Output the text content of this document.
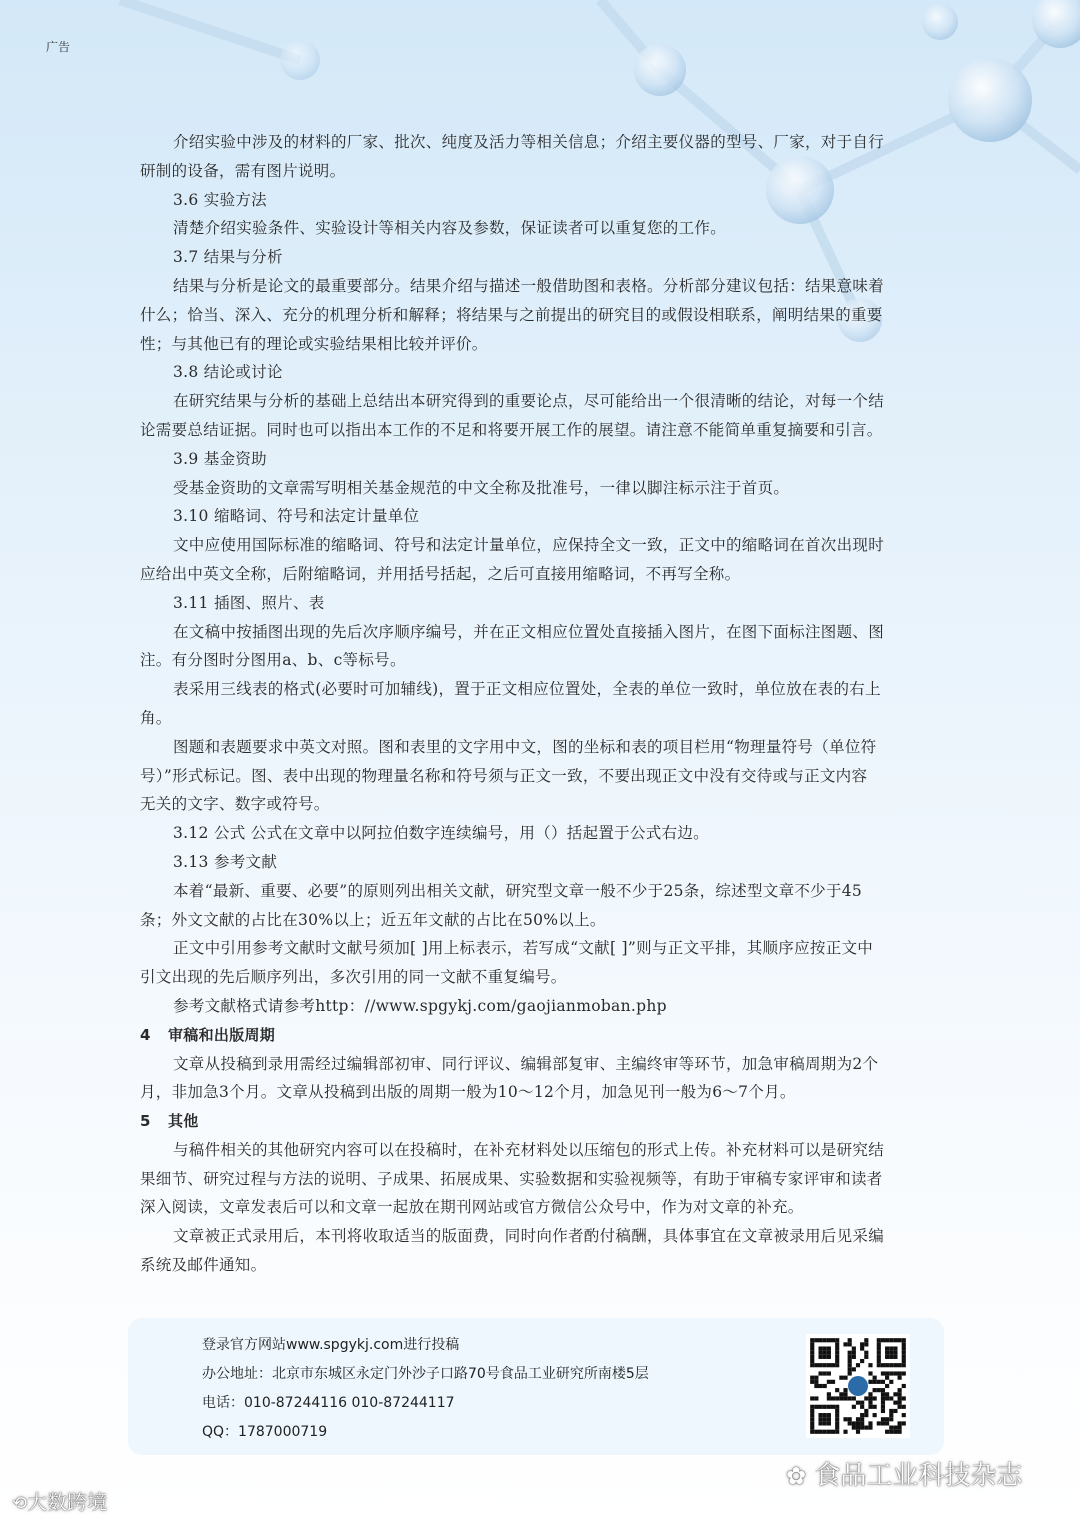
广告
介绍实验中涉及的材料的厂家、批次、纯度及活力等相关信息；介绍主要仪器的型号、厂家，对于自行
研制的设备，需有图片说明。
3.6 实验方法
清楚介绍实验条件、实验设计等相关内容及参数，保证读者可以重复您的工作。
3.7 结果与分析
结果与分析是论文的最重要部分。结果介绍与描述一般借助图和表格。分析部分建议包括：结果意味着
什么；恰当、深入、充分的机理分析和解释；将结果与之前提出的研究目的或假设相联系，阐明结果的重要
性；与其他已有的理论或实验结果相比较并评价。
3.8 结论或讨论
在研究结果与分析的基础上总结出本研究得到的重要论点，尽可能给出一个很清晰的结论，对每一个结
论需要总结证据。同时也可以指出本工作的不足和将要开展工作的展望。请注意不能简单重复摘要和引言。
3.9 基金资助
受基金资助的文章需写明相关基金规范的中文全称及批准号，一律以脚注标示注于首页。
3.10 缩略词、符号和法定计量单位
文中应使用国际标准的缩略词、符号和法定计量单位，应保持全文一致，正文中的缩略词在首次出现时
应给出中英文全称，后附缩略词，并用括号括起，之后可直接用缩略词，不再写全称。
3.11 插图、照片、表
在文稿中按插图出现的先后次序顺序编号，并在正文相应位置处直接插入图片，在图下面标注图题、图
注。有分图时分图用a、b、c等标号。
表采用三线表的格式(必要时可加辅线)，置于正文相应位置处，全表的单位一致时，单位放在表的右上
角。
图题和表题要求中英文对照。图和表里的文字用中文，图的坐标和表的项目栏用“物理量符号（单位符
号）”形式标记。图、表中出现的物理量名称和符号须与正文一致，不要出现正文中没有交待或与正文内容
无关的文字、数字或符号。
3.12 公式 公式在文章中以阿拉伯数字连续编号，用（）括起置于公式右边。
3.13 参考文献
本着“最新、重要、必要”的原则列出相关文献，研究型文章一般不少于25条，综述型文章不少于45
条；外文文献的占比在30%以上；近五年文献的占比在50%以上。
正文中引用参考文献时文献号须加[ ]用上标表示，若写成“文献[ ]”则与正文平排，其顺序应按正文中
引文出现的先后顺序列出，多次引用的同一文献不重复编号。
参考文献格式请参考http：//www.spgykj.com/gaojianmoban.php
4 审稿和出版周期
文章从投稿到录用需经过编辑部初审、同行评议、编辑部复审、主编终审等环节，加急审稿周期为2个
月，非加急3个月。文章从投稿到出版的周期一般为10～12个月，加急见刊一般为6～7个月。
5 其他
与稿件相关的其他研究内容可以在投稿时，在补充材料处以压缩包的形式上传。补充材料可以是研究结
果细节、研究过程与方法的说明、子成果、拓展成果、实验数据和实验视频等，有助于审稿专家评审和读者
深入阅读，文章发表后可以和文章一起放在期刊网站或官方微信公众号中，作为对文章的补充。
文章被正式录用后，本刊将收取适当的版面费，同时向作者酌付稿酬，具体事宜在文章被录用后见采编
系统及邮件通知。
登录官方网站www.spgykj.com进行投稿
办公地址：北京市东城区永定门外沙子口路70号食品工业研究所南楼5层
电话：010-87244116 010-87244117
QQ：1787000719
⟲大数跨境
✿ 食品工业科技杂志
